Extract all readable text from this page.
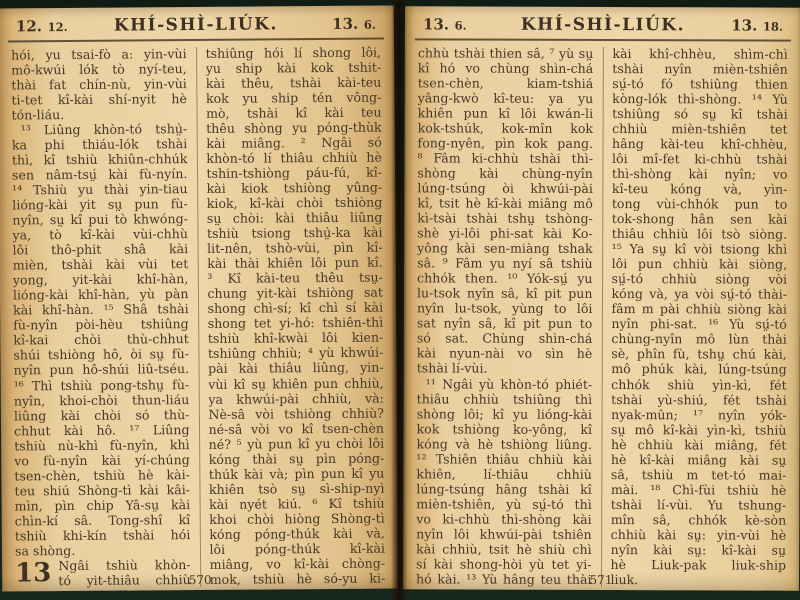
12. 12.	KHÍ-SHÌ-LIÚK.	13. 6.
hói, yu tsai-fò a: yin-vùi
mô-kwúi lók tò nyí-teu,
thài fat chín-nù, yin-vùi
ti-tet kî-kài shí-nyit hè
tón-liáu.
¹³ Liûng khòn-tó tshṳ̀-
ka phi thiáu-lók tshài
thì, kî tshiù khiûn-chhúk
sen nâm-tsṳ́ kài fù-nyín.
¹⁴ Tshiù yu thài yin-tiau
lióng-kài yit sṳ̣ pun fù-
nyîn, sṳ̣ kî pui tò khwóng-
ya, tò kî-kài vùi-chhù
lôi thô-phit shâ kài
mièn, tshài kài vùi tet
yong, yit-kài khî-hàn,
lióng-kài khî-hàn, yù pàn
kài khî-hàn. ¹⁵ Shâ tshài
fù-nyîn pòi-hèu tshiûng
kî-kai chòi thù-chhut
shúi tshiòng hô, òi sṳ̣ fù-
nyîn pun hô-shúi liû-tséu.
¹⁶ Thì tshiù pong-tshṳ̣ fù-
nyîn, khoi-chòi thun-liáu
liûng kài chòi só thù-
chhut kài hô. ¹⁷ Liûng
tshiù nù-khì fù-nyîn, khì
vo fù-nyîn kài yí-chúng
tsen-chèn, tshiù hè kài-
teu shiú Shòng-tì kài kâi-
mìn, pìn chip Yâ-sṳ kài
chìn-kí sâ. Tong-shî kî
tshiù khi-kín tshài hói
sa shòng.
13 Ngâi tshiù khòn-
tó yit-thiâu chhiù
tshiûng hói lí shong lôi,
yu ship kài kok tshit-
kài thêu, tshài kài-teu
kok yu ship tén vông-
mò, tshài kî kài teu
thêu shòng yu póng-thùk
kài miâng. ² Ngâi só
khòn-tó lí thiâu chhiù hè
tshin-tshiòng páu-fú, kî-
kài kiok tshiòng yûng-
kiok, kî-kài chòi tshiòng
sṳ̣ chòi: kài thiâu liûng
tshiù tsiong tshṳ̀-ka kài
lit-nên, tshò-vùi, pìn kî-
kài thài khiên lôi pun kî.
³ Kî kài-teu thêu tsṳ-
chung yit-kài tshiòng sat
shong chì-sí; kî chì sí kài
shong tet yi-hó: tshiên-thì
tshiù khî-kwài lôi kien-
tshiûng chhiù; ⁴ yù khwúi-
pài kài thiâu liûng, yin-
vùi kî sṳ̣ khiên pun chhiù,
ya khwúi-pài chhiù, và:
Nè-sâ vòi tshiòng chhiù?
né-sâ vòi vo kî tsen-chèn
né? ⁵ yù pun kî yu chòi lôi
kóng thài sṳ̣ pìn póng-
thúk kài và; pìn pun kî yu
khiên tsò sṳ̣ sì-ship-nyì
kài nyét kiú. ⁶ Kî tshiù
khoi chòi hiòng Shòng-tì
kóng póng-thúk kài và,
lôi póng-thúk kî-kài
miâng, vo kî-kài chòng-
mok, tshiù hè só-yu ki-
570
13. 6.	KHÍ-SHÌ-LIÚK.	13. 18.
chhù tshài thien sâ, ⁷ yù sṳ̣
kî hó vo chùng shìn-chá
tsen-chèn, kiam-tshiá
yâng-kwò kî-teu: ya yu
khiên pun kî lôi kwán-li
kok-tshúk, kok-mîn kok
fong-nyên, pìn kok pang.
⁸ Fâm ki-chhù tshài thì-
shòng kài chùng-nyîn
lúng-tsúng òi khwúi-pài
kî, tsit hè kî-kài miâng mô
kì-tsài tshài tshṳ̣ tshòng-
shè yi-lôi phi-sat kài Ko-
yông kài sen-miàng tshak
sâ. ⁹ Fâm yu nyí sâ tshiù
chhók then. ¹⁰ Yók-sṳ́ yu
lu-tsok nyîn sâ, kî pit pun
nyîn lu-tsok, yùng to lôi
sat nyîn sâ, kî pit pun to
só sat. Chùng shìn-chá
kài nyun-nài vo sìn hè
tshài lí-vùi.
¹¹ Ngâi yù khòn-tó phiét-
thiâu chhiù tshiûng thì
shòng lôi; kî yu lióng-kài
kok tshiòng ko-yông, kî
kóng và hè tshiòng liûng.
¹² Tshiên thiâu chhiù kài
khiên, lí-thiâu chhiù
lúng-tsúng hâng tshài kî
mièn-tshiên, yù sṳ́-tó thì
vo ki-chhù thì-shòng kài
nyîn lôi khwúi-pài tshiên
kài chhiù, tsit hè shiù chì
sí kài shong-hòi yù tet yi-
hó kài. ¹³ Yù hâng teu thài
kài khî-chhèu, shìm-chì
tshài nyîn mièn-tshiên
sṳ́-tó fó tshiûng thien
kòng-lók thì-shòng. ¹⁴ Yù
tshiûng só sṳ̣ kî tshài
chhiù mièn-tshiên tet
hâng kài-teu khî-chhèu,
lôi mî-fet ki-chhù tshài
thì-shòng kài nyîn; vo
kî-teu kóng và, yìn-
tong vùi-chhók pun to
tok-shong hân sen kài
thiâu chhiù lôi tsò siòng.
¹⁵ Ya sṳ̣ kî vòi tsiong khì
lôi pun chhiù kài siòng,
sṳ́-tó chhiù siòng vòi
kóng và, ya vòi sṳ́-tó thài-
fâm m pài chhiù siòng kài
nyîn phi-sat. ¹⁶ Yù sṳ́-tó
chùng-nyîn mô lùn thài
sè, phîn fù, tshṳ̣ chú kài,
mô phúk kài, lúng-tsúng
chhók shiù yìn-kì, fét
tshài yù-shiú, fét tshài
nyak-mûn; ¹⁷ nyîn yók-
sṳ̣ mô kî-kài yìn-kì, tshiù
hè chhiù kài miâng, fét
hè kî-kài miâng kài sṳ̣
sâ, tshiù m tet-tó mai-
mài. ¹⁸ Chì-fùi tshiù hè
tshài lí-vùi. Yu tshung-
mîn sâ, chhók kè-sòn
chhiù kài sṳ̣: yin-vùi hè
nyîn kài sṳ̣: kî-kài sṳ̣
hè Liuk-pak liuk-ship
liuk.
571
